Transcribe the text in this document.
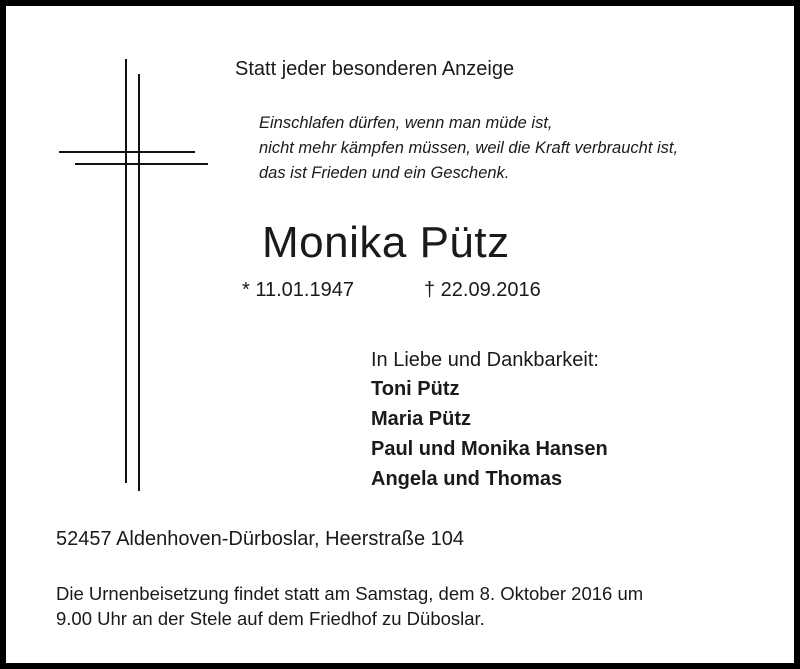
Statt jeder besonderen Anzeige

Einschlafen dürfen, wenn man müde ist,

nicht mehr kämpfen müssen, weil die Kraft verbraucht ist,

das ist Frieden und ein Geschenk.

Monika Pütz

* 11.01.1947	† 22.09.2016

In Liebe und Dankbarkeit:

Toni Pütz

Maria Pütz

Paul und Monika Hansen

Angela und Thomas

52457 Aldenhoven-Dürboslar, Heerstraße 104

Die Urnenbeisetzung findet statt am Samstag, dem 8. Oktober 2016 um

9.00 Uhr an der Stele auf dem Friedhof zu Düboslar.
